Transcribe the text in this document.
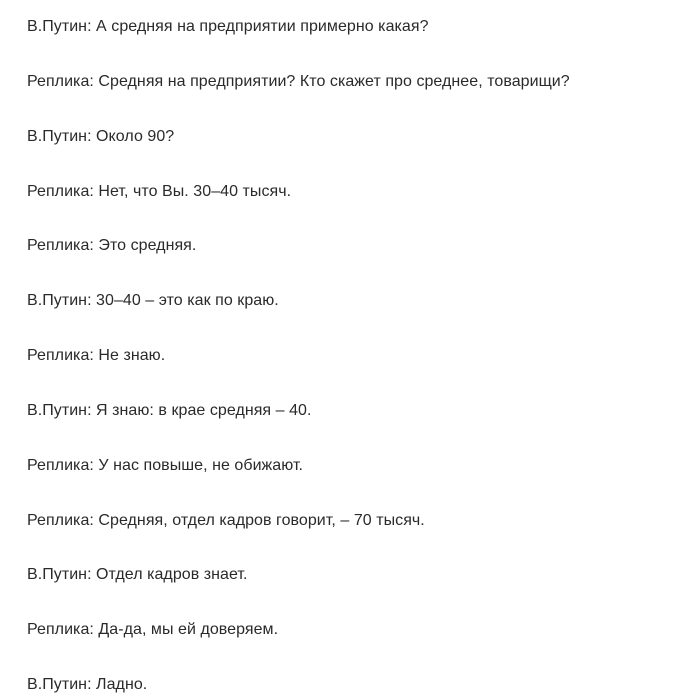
В.Путин: А средняя на предприятии примерно какая?

Реплика: Средняя на предприятии? Кто скажет про среднее, товарищи?

В.Путин: Около 90?

Реплика: Нет, что Вы. 30–40 тысяч.

Реплика: Это средняя.

В.Путин: 30–40 – это как по краю.

Реплика: Не знаю.

В.Путин: Я знаю: в крае средняя – 40.

Реплика: У нас повыше, не обижают.

Реплика: Средняя, отдел кадров говорит, – 70 тысяч.

В.Путин: Отдел кадров знает.

Реплика: Да-да, мы ей доверяем.

В.Путин: Ладно.
